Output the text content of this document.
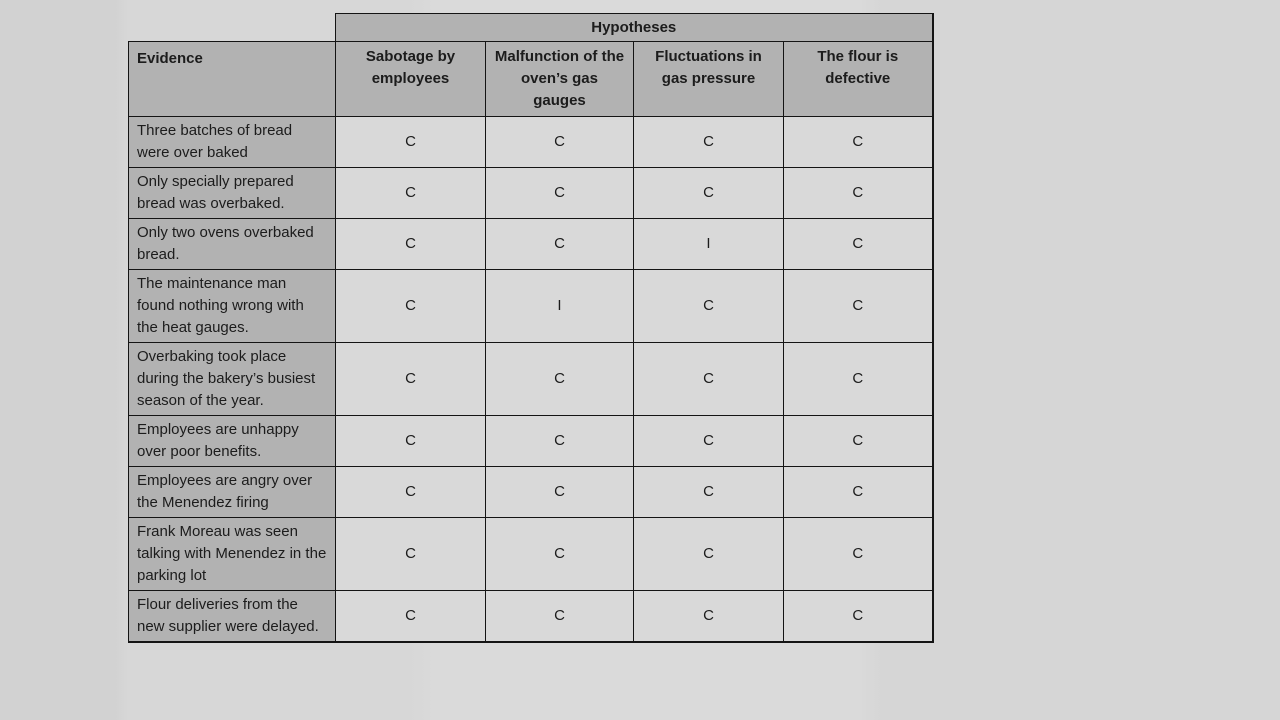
	Hypotheses			
Evidence	Sabotage by employees	Malfunction of the oven’s gas gauges	Fluctuations in gas pressure	The flour is defective
Three batches of bread were over baked	C	C	C	C
Only specially prepared bread was overbaked.	C	C	C	C
Only two ovens overbaked bread.	C	C	I	C
The maintenance man found nothing wrong with the heat gauges.	C	I	C	C
Overbaking took place during the bakery’s busiest season of the year.	C	C	C	C
Employees are unhappy over poor benefits.	C	C	C	C
Employees are angry over the Menendez firing	C	C	C	C
Frank Moreau was seen talking with Menendez in the parking lot	C	C	C	C
Flour deliveries from the new supplier were delayed.	C	C	C	C
